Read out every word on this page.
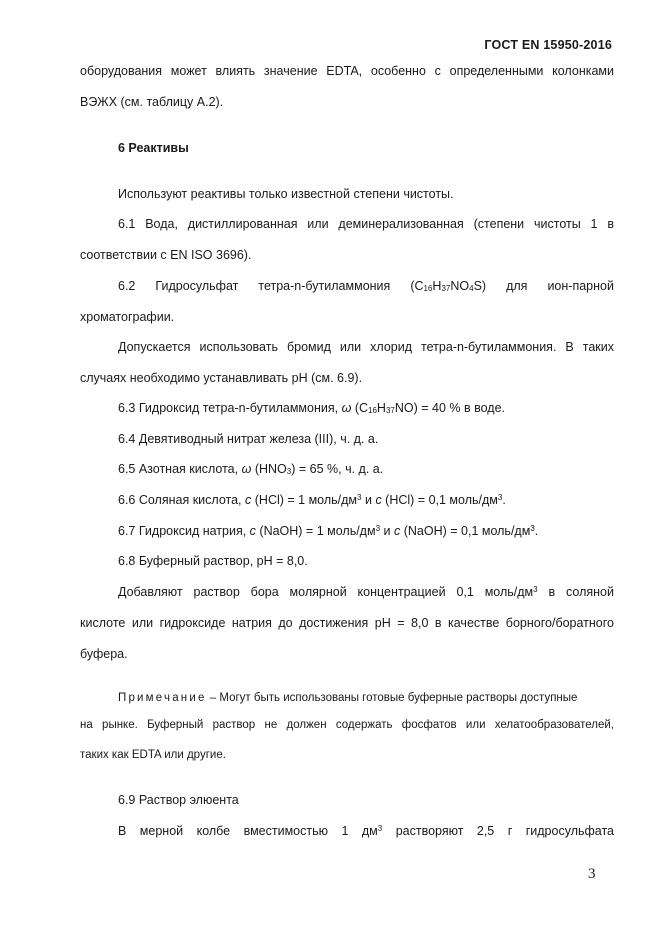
ГОСТ EN 15950-2016
оборудования может влиять значение EDTA, особенно с определенными колонками
ВЭЖХ (см. таблицу А.2).
6 Реактивы
Используют реактивы только известной степени чистоты.
6.1 Вода, дистиллированная или деминерализованная (степени чистоты 1 в
соответствии с EN ISO 3696).
6.2 Гидросульфат тетра-n-бутиламмония $(C_{16}H_{37}NO_4S)$ для ион-парной
хроматографии.
Допускается использовать бромид или хлорид тетра-n-бутиламмония. В таких
случаях необходимо устанавливать pH (см. 6.9).
6.3 Гидроксид тетра-n-бутиламмония, ω $(C_{16}H_{37}NO) = 40$ % в воде.
6.4 Девятиводный нитрат железа (III), ч. д. а.
6.5 Азотная кислота, ω $(HNO_3) = 65$ %, ч. д. а.
6.6 Соляная кислота, c (HCl) = 1 моль/$дм^3$ и c (HCl) = 0,1 моль/$дм^3$.
6.7 Гидроксид натрия, c (NaOH) = 1 моль/$дм^3$ и c (NaOH) = 0,1 моль/$дм^3$.
6.8 Буферный раствор, pH = 8,0.
Добавляют раствор бора молярной концентрацией 0,1 моль/$дм^3$ в соляной
кислоте или гидроксиде натрия до достижения pH = 8,0 в качестве борного/боратного
буфера.
Примечание – Могут быть использованы готовые буферные растворы доступные
на рынке. Буферный раствор не должен содержать фосфатов или хелатообразователей,
таких как EDTA или другие.
6.9 Раствор элюента
В мерной колбе вместимостью 1 $дм^3$ растворяют 2,5 г гидросульфата
3
